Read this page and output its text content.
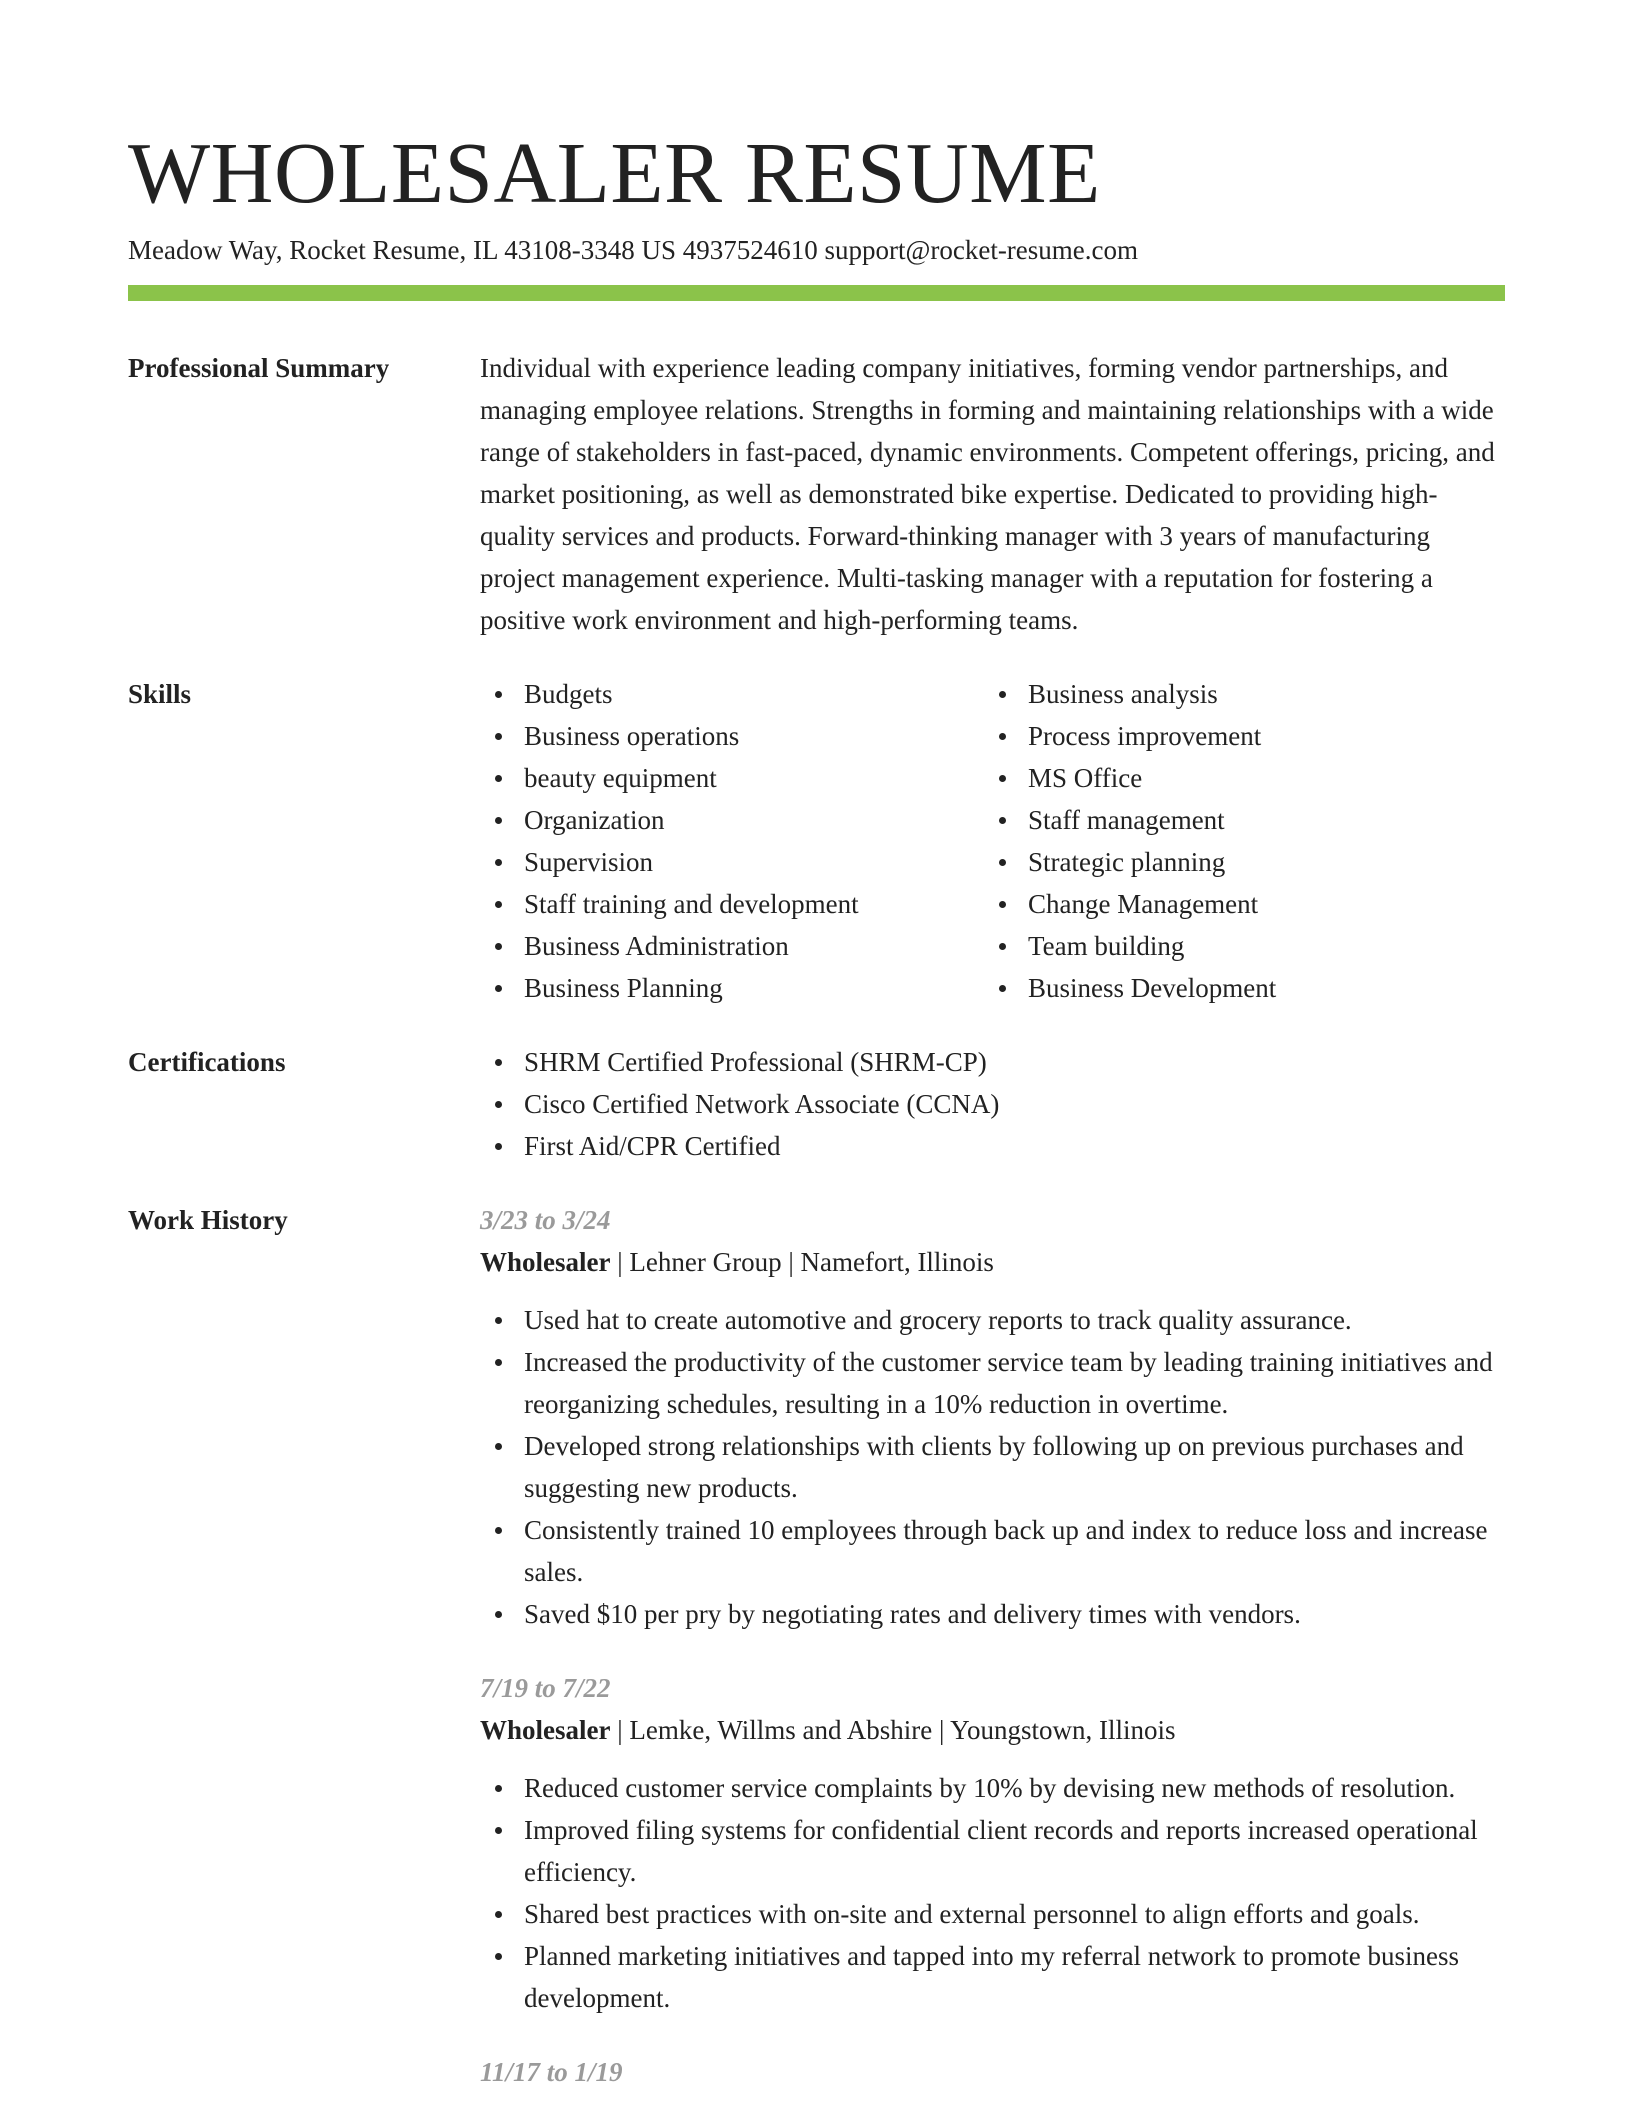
WHOLESALER RESUME
Meadow Way, Rocket Resume, IL 43108-3348 US 4937524610 support@rocket-resume.com
Professional Summary	Individual with experience leading company initiatives, forming vendor partnerships, and managing employee relations. Strengths in forming and maintaining relationships with a wide range of stakeholders in fast-paced, dynamic environments. Competent offerings, pricing, and market positioning, as well as demonstrated bike expertise. Dedicated to providing high-quality services and products. Forward-thinking manager with 3 years of manufacturing project management experience. Multi-tasking manager with a reputation for fostering a positive work environment and high-performing teams.

Skills	Budgets
Business operations
beauty equipment
Organization
Supervision
Staff training and development
Business Administration
Business Planning
Business analysis
Process improvement
MS Office
Staff management
Strategic planning
Change Management
Team building
Business Development
Certifications	SHRM Certified Professional (SHRM-CP)
Cisco Certified Network Associate (CCNA)
First Aid/CPR Certified
Work History	3/23 to 3/24

Wholesaler | Lehner Group | Namefort, Illinois

Used hat to create automotive and grocery reports to track quality assurance.
Increased the productivity of the customer service team by leading training initiatives and reorganizing schedules, resulting in a 10% reduction in overtime.
Developed strong relationships with clients by following up on previous purchases and suggesting new products.
Consistently trained 10 employees through back up and index to reduce loss and increase sales.
Saved $10 per pry by negotiating rates and delivery times with vendors.

7/19 to 7/22

Wholesaler | Lemke, Willms and Abshire | Youngstown, Illinois

Reduced customer service complaints by 10% by devising new methods of resolution.
Improved filing systems for confidential client records and reports increased operational efficiency.
Shared best practices with on-site and external personnel to align efforts and goals.
Planned marketing initiatives and tapped into my referral network to promote business development.

11/17 to 1/19
